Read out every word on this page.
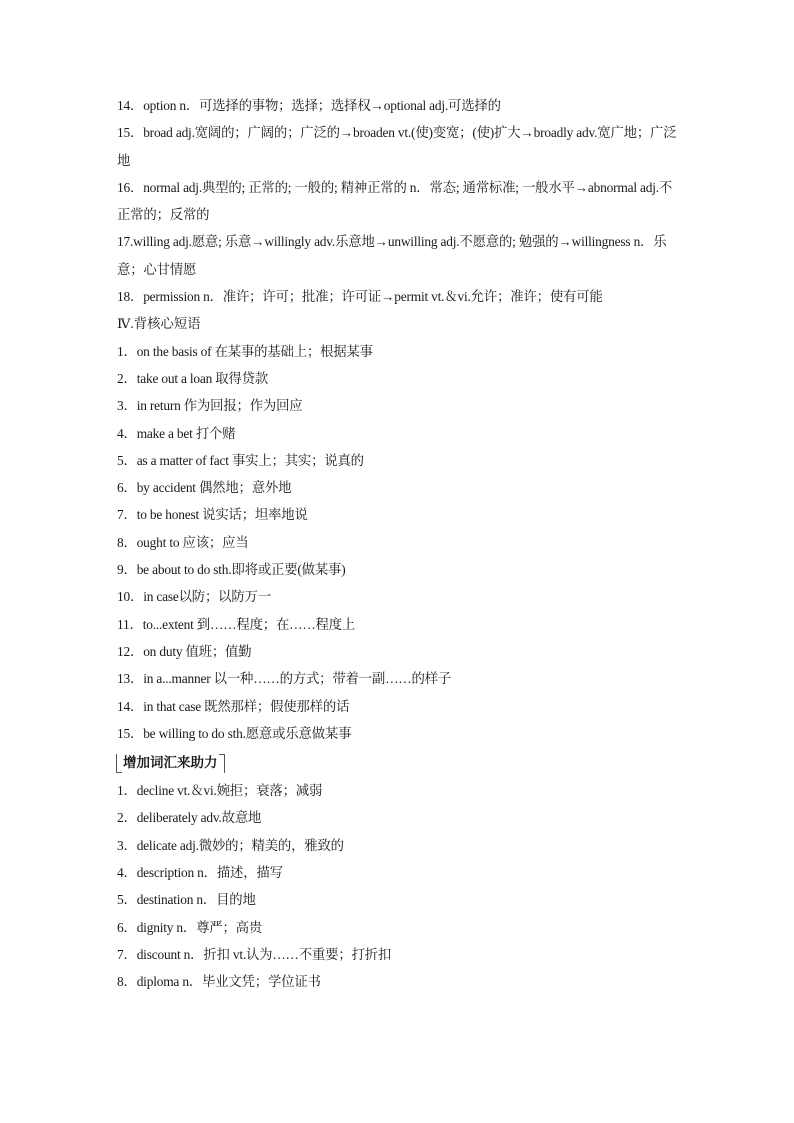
14．option n．可选择的事物；选择；选择权→optional adj.可选择的
15．broad adj.宽阔的；广阔的；广泛的→broaden vt.(使)变宽；(使)扩大→broadly adv.宽广地；广泛地
16．normal adj.典型的; 正常的; 一般的; 精神正常的 n．常态; 通常标准; 一般水平→abnormal adj.不正常的；反常的
17.willing adj.愿意; 乐意→willingly adv.乐意地→unwilling adj.不愿意的; 勉强的→willingness n．乐意；心甘情愿
18．permission n．准许；许可；批准；许可证→permit vt.＆vi.允许；准许；使有可能
Ⅳ.背核心短语
1．on the basis of 在某事的基础上；根据某事
2．take out a loan 取得贷款
3．in return 作为回报；作为回应
4．make a bet 打个赌
5．as a matter of fact 事实上；其实；说真的
6．by accident 偶然地；意外地
7．to be honest 说实话；坦率地说
8．ought to 应该；应当
9．be about to do sth.即将或正要(做某事)
10．in case以防；以防万一
11．to...extent 到……程度；在……程度上
12．on duty 值班；值勤
13．in a...manner 以一种……的方式；带着一副……的样子
14．in that case 既然那样；假使那样的话
15．be willing to do sth.愿意或乐意做某事
增加词汇来助力
1．decline vt.＆vi.婉拒；衰落；减弱
2．deliberately adv.故意地
3．delicate adj.微妙的；精美的，雅致的
4．description n．描述，描写
5．destination n．目的地
6．dignity n．尊严；高贵
7．discount n．折扣 vt.认为……不重要；打折扣
8．diploma n．毕业文凭；学位证书
